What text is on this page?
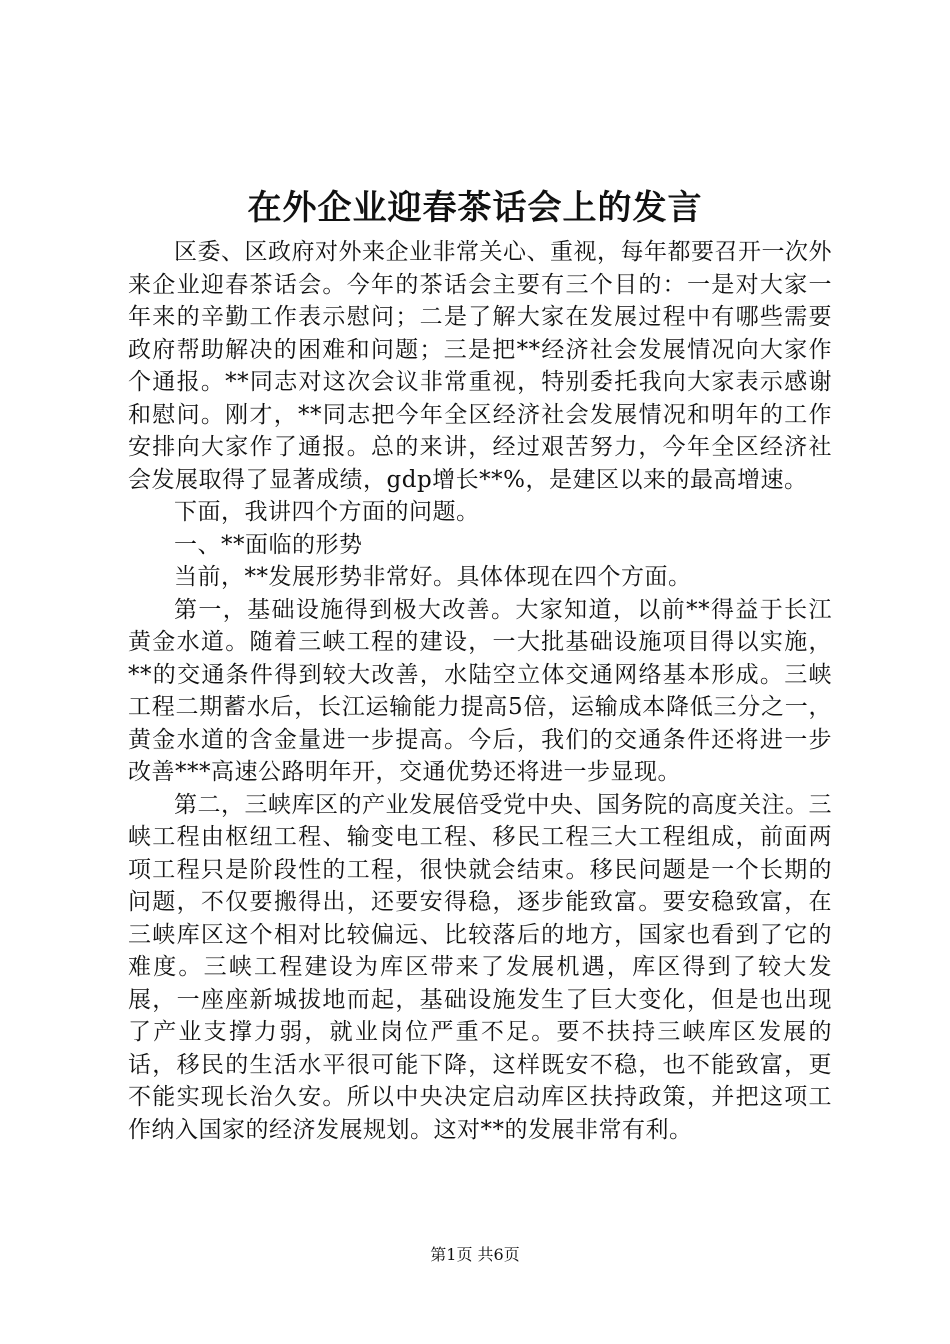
在外企业迎春茶话会上的发言

区委、区政府对外来企业非常关心、重视，每年都要召开一次外来企业迎春茶话会。今年的茶话会主要有三个目的：一是对大家一年来的辛勤工作表示慰问；二是了解大家在发展过程中有哪些需要政府帮助解决的困难和问题；三是把**经济社会发展情况向大家作个通报。**同志对这次会议非常重视，特别委托我向大家表示感谢和慰问。刚才，**同志把今年全区经济社会发展情况和明年的工作安排向大家作了通报。总的来讲，经过艰苦努力，今年全区经济社会发展取得了显著成绩，gdp增长**%，是建区以来的最高增速。

下面，我讲四个方面的问题。

一、**面临的形势

当前，**发展形势非常好。具体体现在四个方面。

第一，基础设施得到极大改善。大家知道，以前**得益于长江黄金水道。随着三峡工程的建设，一大批基础设施项目得以实施，**的交通条件得到较大改善，水陆空立体交通网络基本形成。三峡工程二期蓄水后，长江运输能力提高5倍，运输成本降低三分之一，黄金水道的含金量进一步提高。今后，我们的交通条件还将进一步改善***高速公路明年开，交通优势还将进一步显现。

第二，三峡库区的产业发展倍受党中央、国务院的高度关注。三峡工程由枢纽工程、输变电工程、移民工程三大工程组成，前面两项工程只是阶段性的工程，很快就会结束。移民问题是一个长期的问题，不仅要搬得出，还要安得稳，逐步能致富。要安稳致富，在三峡库区这个相对比较偏远、比较落后的地方，国家也看到了它的难度。三峡工程建设为库区带来了发展机遇，库区得到了较大发展，一座座新城拔地而起，基础设施发生了巨大变化，但是也出现了产业支撑力弱，就业岗位严重不足。要不扶持三峡库区发展的话，移民的生活水平很可能下降，这样既安不稳，也不能致富，更不能实现长治久安。所以中央决定启动库区扶持政策，并把这项工作纳入国家的经济发展规划。这对**的发展非常有利。

第1页 共6页
